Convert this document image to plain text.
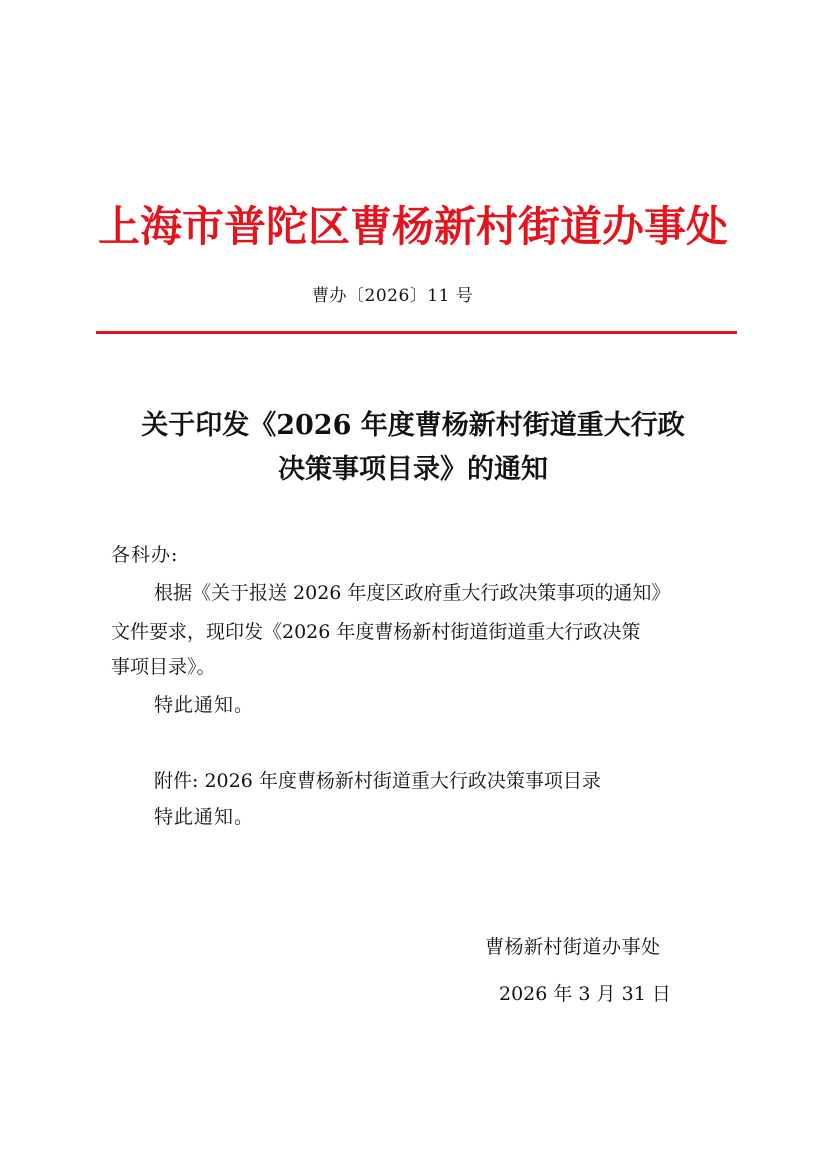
上海市普陀区曹杨新村街道办事处
曹办〔2026〕11 号
关于印发《2026 年度曹杨新村街道重大行政
决策事项目录》的通知
各科办:
根据《关于报送 2026 年度区政府重大行政决策事项的通知》
文件要求，现印发《2026 年度曹杨新村街道街道重大行政决策
事项目录》。
特此通知。
附件: 2026 年度曹杨新村街道重大行政决策事项目录
特此通知。
曹杨新村街道办事处
2026 年 3 月 31 日
